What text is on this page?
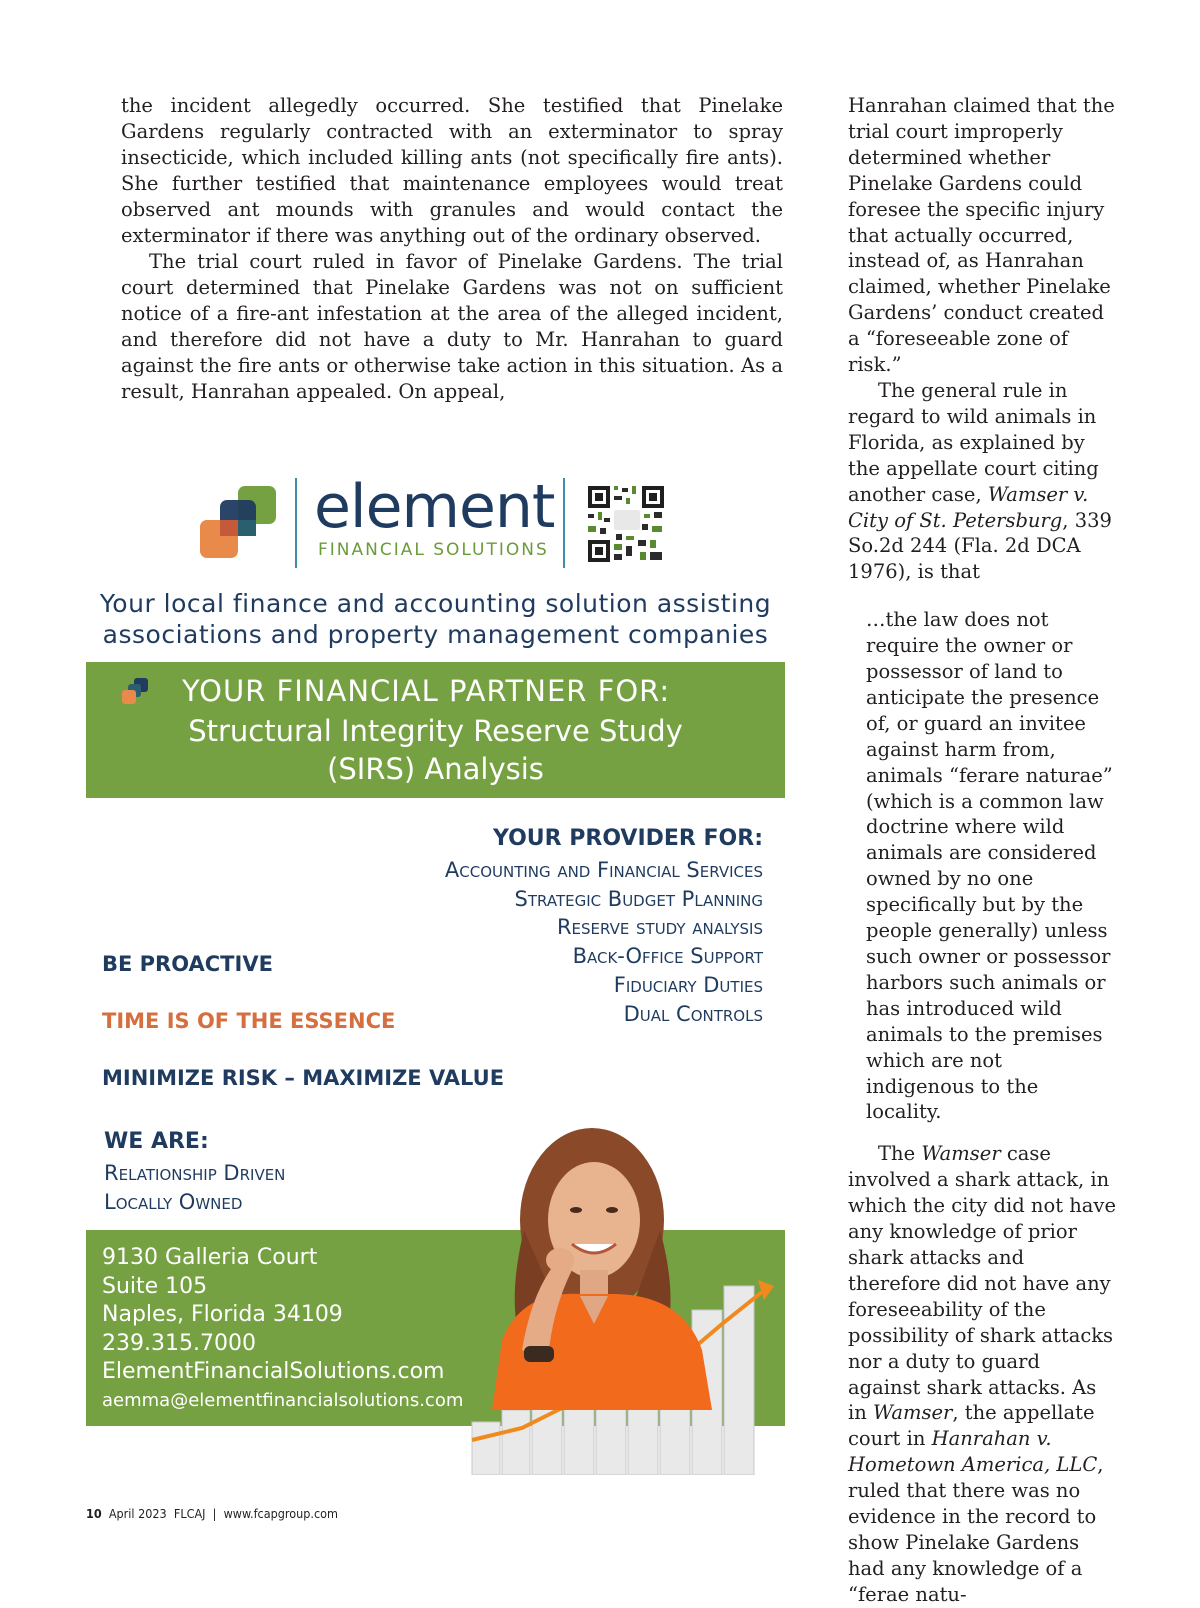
the incident allegedly occurred. She testified that Pinelake Gardens regularly contracted with an exterminator to spray insecticide, which included killing ants (not specifically fire ants). She further testified that maintenance employees would treat observed ant mounds with granules and would contact the exterminator if there was anything out of the ordinary observed.

The trial court ruled in favor of Pinelake Gardens. The trial court determined that Pinelake Gardens was not on sufficient notice of a fire-ant infestation at the area of the alleged incident, and therefore did not have a duty to Mr. Hanrahan to guard against the fire ants or otherwise take action in this situation. As a result, Hanrahan appealed. On appeal,

Hanrahan claimed that the trial court improperly determined whether Pinelake Gardens could foresee the specific injury that actually occurred, instead of, as Hanrahan claimed, whether Pinelake Gardens’ conduct created a “foreseeable zone of risk.”

The general rule in regard to wild animals in Florida, as explained by the appellate court citing another case, Wamser v. City of St. Petersburg, 339 So.2d 244 (Fla. 2d DCA 1976), is that

…the law does not require the owner or possessor of land to anticipate the presence of, or guard an invitee against harm from, animals “ferare naturae” (which is a common law doctrine where wild animals are considered owned by no one specifically but by the people generally) unless such owner or possessor harbors such animals or has introduced wild animals to the premises which are not indigenous to the locality.

The Wamser case involved a shark attack, in which the city did not have any knowledge of prior shark attacks and therefore did not have any foreseeability of the possibility of shark attacks nor a duty to guard against shark attacks. As in Wamser, the appellate court in Hanrahan v. Hometown America, LLC, ruled that there was no evidence in the record to show Pinelake Gardens had any knowledge of a “ferae natu-

element
FINANCIAL SOLUTIONS
Your local finance and accounting solution assisting
associations and property management companies
YOUR FINANCIAL PARTNER FOR:
Structural Integrity Reserve Study
(SIRS) Analysis
YOUR PROVIDER FOR:
Accounting and Financial Services
Strategic Budget Planning
Reserve study analysis
Back-Office Support
Fiduciary Duties
Dual Controls
BE PROACTIVE
TIME IS OF THE ESSENCE
MINIMIZE RISK – MAXIMIZE VALUE
WE ARE:
Relationship Driven
Locally Owned
9130 Galleria Court
Suite 105
Naples, Florida 34109
239.315.7000
ElementFinancialSolutions.com
aemma@elementfinancialsolutions.com
10 April 2023 FLCAJ | www.fcapgroup.com
